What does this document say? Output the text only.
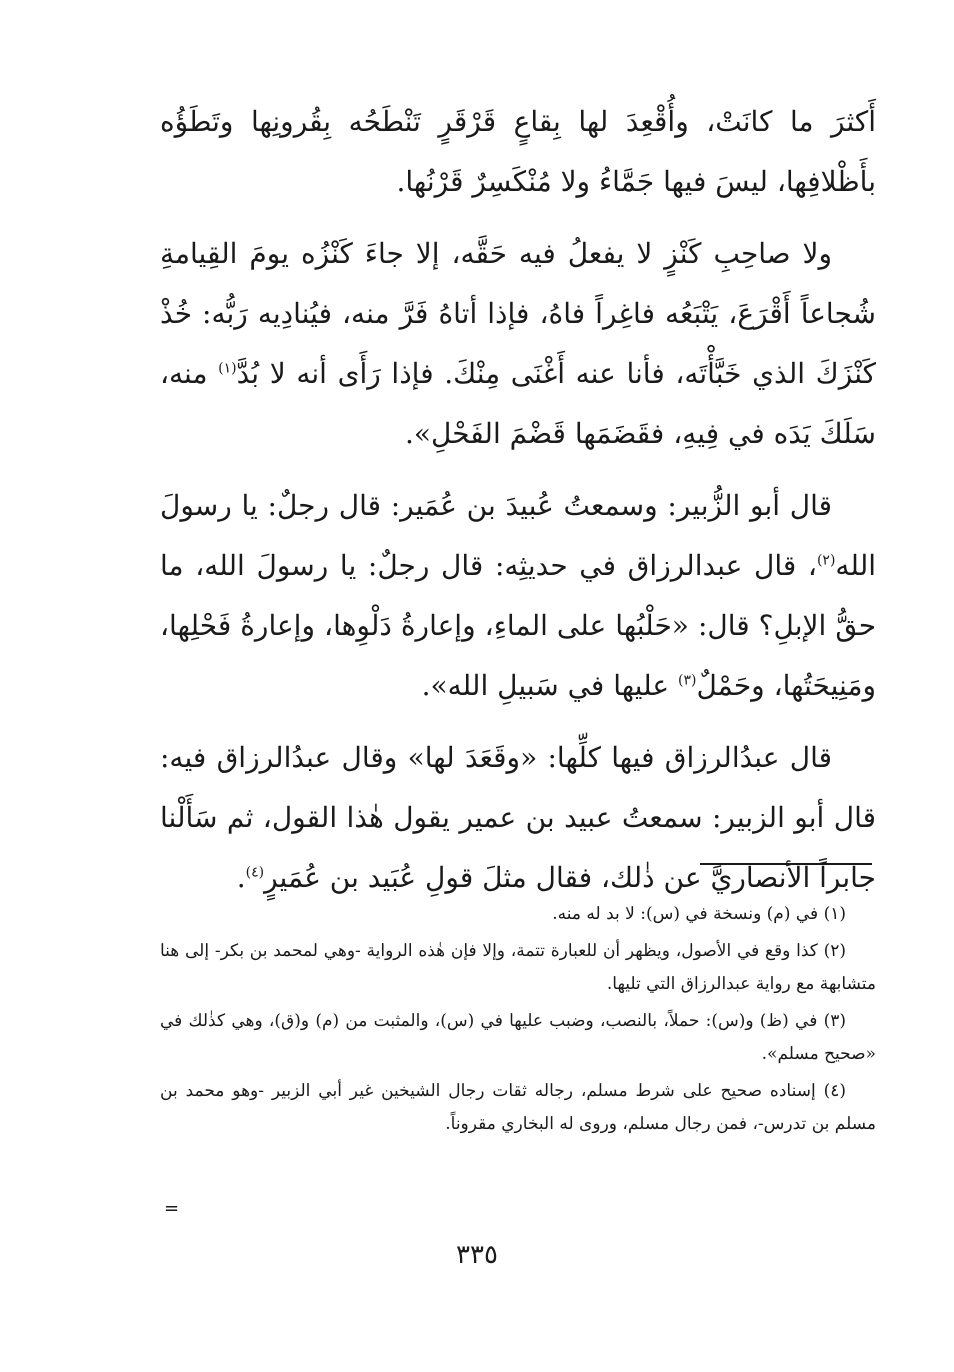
أَكثرَ ما كانَتْ، وأُقْعِدَ لها بِقاعٍ قَرْقَرٍ تَنْطَحُه بِقُرونِها وتَطَؤُه بأَظْلافِها، ليسَ فيها جَمَّاءُ ولا مُنْكَسِرٌ قَرْنُها.

ولا صاحِبِ كَنْزٍ لا يفعلُ فيه حَقَّه، إلا جاءَ كَنْزُه يومَ القِيامةِ شُجاعاً أَقْرَعَ، يَتْبَعُه فاغِراً فاهُ، فإذا أتاهُ فَرَّ منه، فيُنادِيه رَبُّه: خُذْ كَنْزَكَ الذي خَبَّأْتَه، فأنا عنه أَغْنَى مِنْكَ. فإذا رَأَى أنه لا بُدَّ$^{(١)}$ منه، سَلَكَ يَدَه في فِيهِ، فقَضَمَها قَضْمَ الفَحْلِ».

قال أبو الزُّبير: وسمعتُ عُبيدَ بن عُمَير: قال رجلٌ: يا رسولَ الله$^{(٢)}$، قال عبدالرزاق في حديثِه: قال رجلٌ: يا رسولَ الله، ما حقُّ الإبلِ؟ قال: «حَلْبُها على الماءِ، وإعارةُ دَلْوِها، وإعارةُ فَحْلِها، ومَنِيحَتُها، وحَمْلٌ$^{(٣)}$ عليها في سَبيلِ الله».

قال عبدُالرزاق فيها كلِّها: «وقَعَدَ لها» وقال عبدُالرزاق فيه: قال أبو الزبير: سمعتُ عبيد بن عمير يقول هٰذا القول، ثم سَأَلْنا جابراً الأنصاريَّ عن ذٰلك، فقال مثلَ قولِ عُبَيد بن عُمَيرٍ$^{(٤)}$.

(١) في (م) ونسخة في (س): لا بد له منه.

(٢) كذا وقع في الأصول، ويظهر أن للعبارة تتمة، وإلا فإن هٰذه الرواية -وهي لمحمد بن بكر- إلى هنا متشابهة مع رواية عبدالرزاق التي تليها.

(٣) في (ظ) و(س): حملاً، بالنصب، وضبب عليها في (س)، والمثبت من (م) و(ق)، وهي كذٰلك في «صحيح مسلم».

(٤) إسناده صحيح على شرط مسلم، رجاله ثقات رجال الشيخين غير أبي الزبير -وهو محمد بن مسلم بن تدرس-، فمن رجال مسلم، وروى له البخاري مقروناً.

=
٣٣٥
